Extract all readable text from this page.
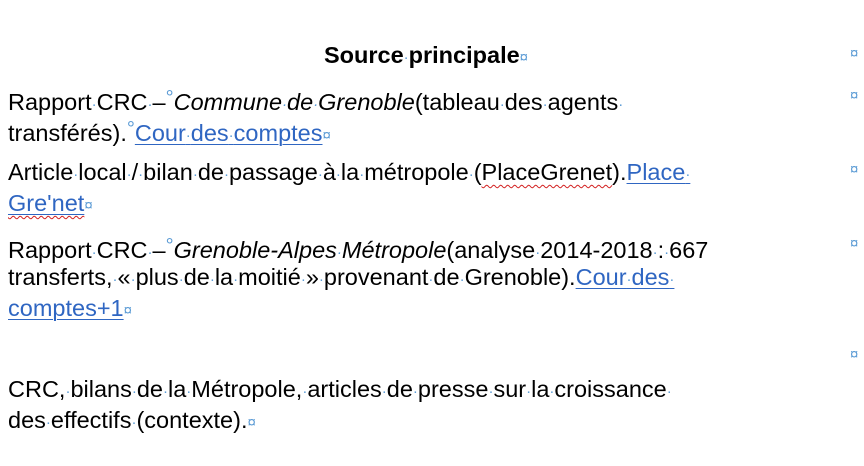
Source·principale¤
Rapport·CRC·–°Commune·de·Grenoble(tableau·des·agents·
transférés).°Cour·des·comptes¤
Article·local·/·bilan·de·passage·à·la·métropole·(PlaceGrenet).Place·
Gre'net¤
Rapport·CRC·–°Grenoble-Alpes·Métropole(analyse·2014-2018·:·667
transferts,·«·plus·de·la·moitié·»·provenant·de·Grenoble).Cour·des·
comptes+1¤
CRC,·bilans·de·la·Métropole,·articles·de·presse·sur·la·croissance·
des·effectifs·(contexte).¤
¤
¤
¤
¤
¤
